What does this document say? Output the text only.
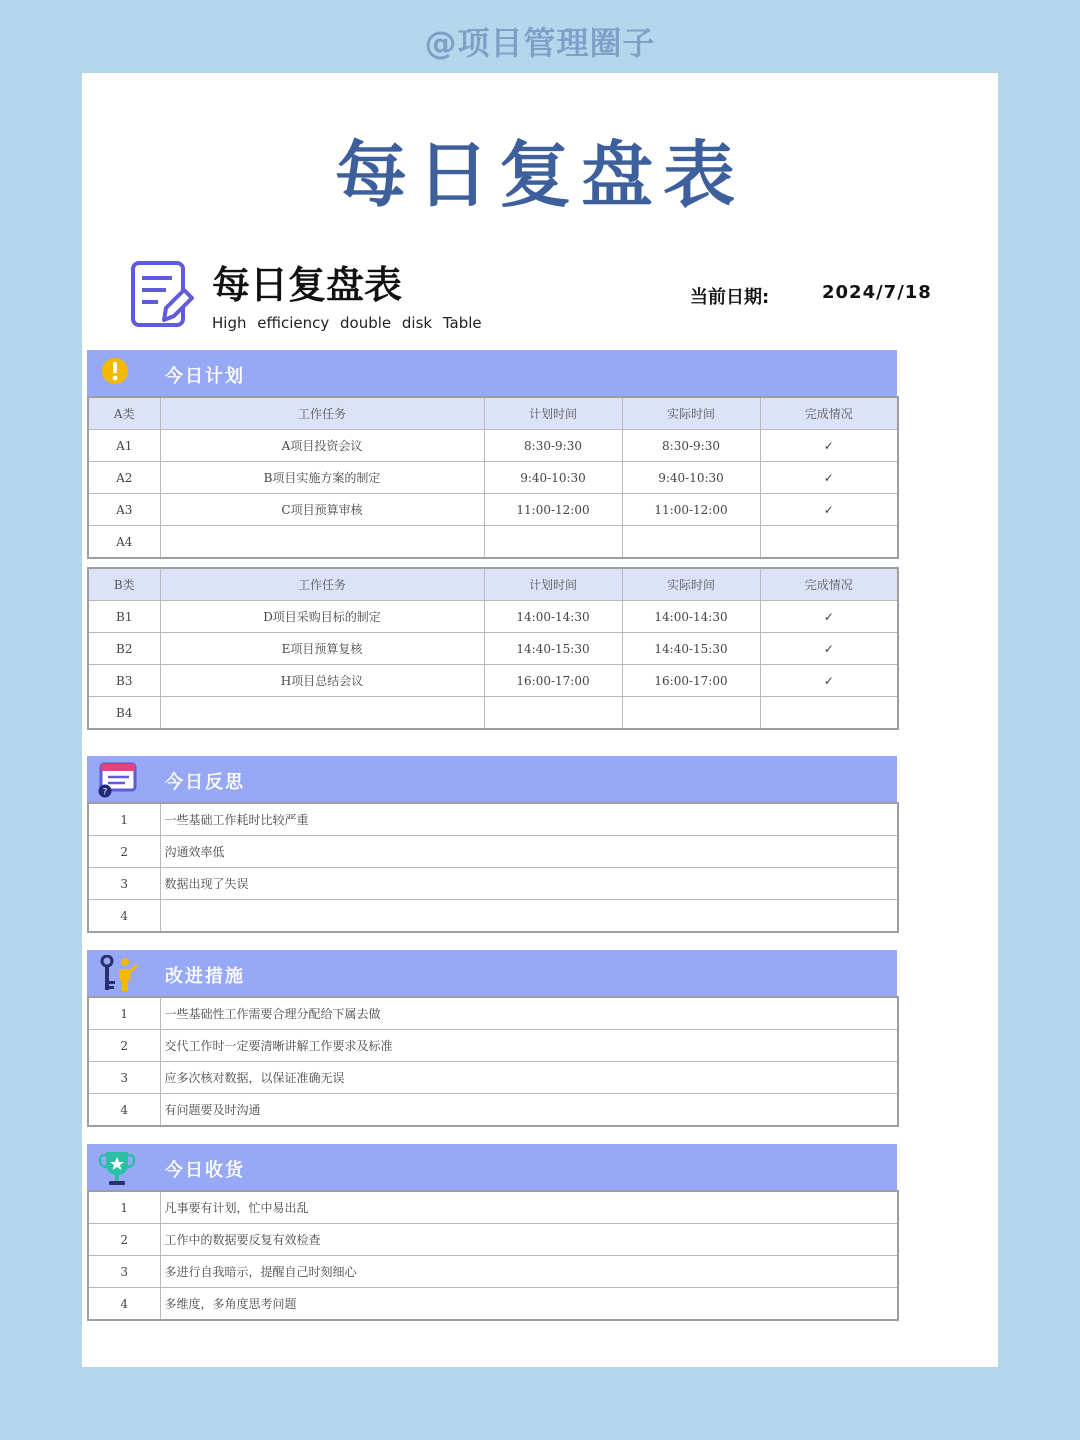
@项目管理圈子
每日复盘表
每日复盘表
High efficiency double disk Table
当前日期:	2024/7/18
今日计划
A类	工作任务	计划时间	实际时间	完成情况
A1	A项目投资会议	8:30-9:30	8:30-9:30	✓
A2	B项目实施方案的制定	9:40-10:30	9:40-10:30	✓
A3	C项目预算审核	11:00-12:00	11:00-12:00	✓
A4				
B类	工作任务	计划时间	实际时间	完成情况
B1	D项目采购目标的制定	14:00-14:30	14:00-14:30	✓
B2	E项目预算复核	14:40-15:30	14:40-15:30	✓
B3	H项目总结会议	16:00-17:00	16:00-17:00	✓
B4				
?	今日反思
1	一些基础工作耗时比较严重
2	沟通效率低
3	数据出现了失误
4	
改进措施
1	一些基础性工作需要合理分配给下属去做
2	交代工作时一定要清晰讲解工作要求及标准
3	应多次核对数据，以保证准确无误
4	有问题要及时沟通
今日收货
1	凡事要有计划，忙中易出乱
2	工作中的数据要反复有效检查
3	多进行自我暗示，提醒自己时刻细心
4	多维度，多角度思考问题
